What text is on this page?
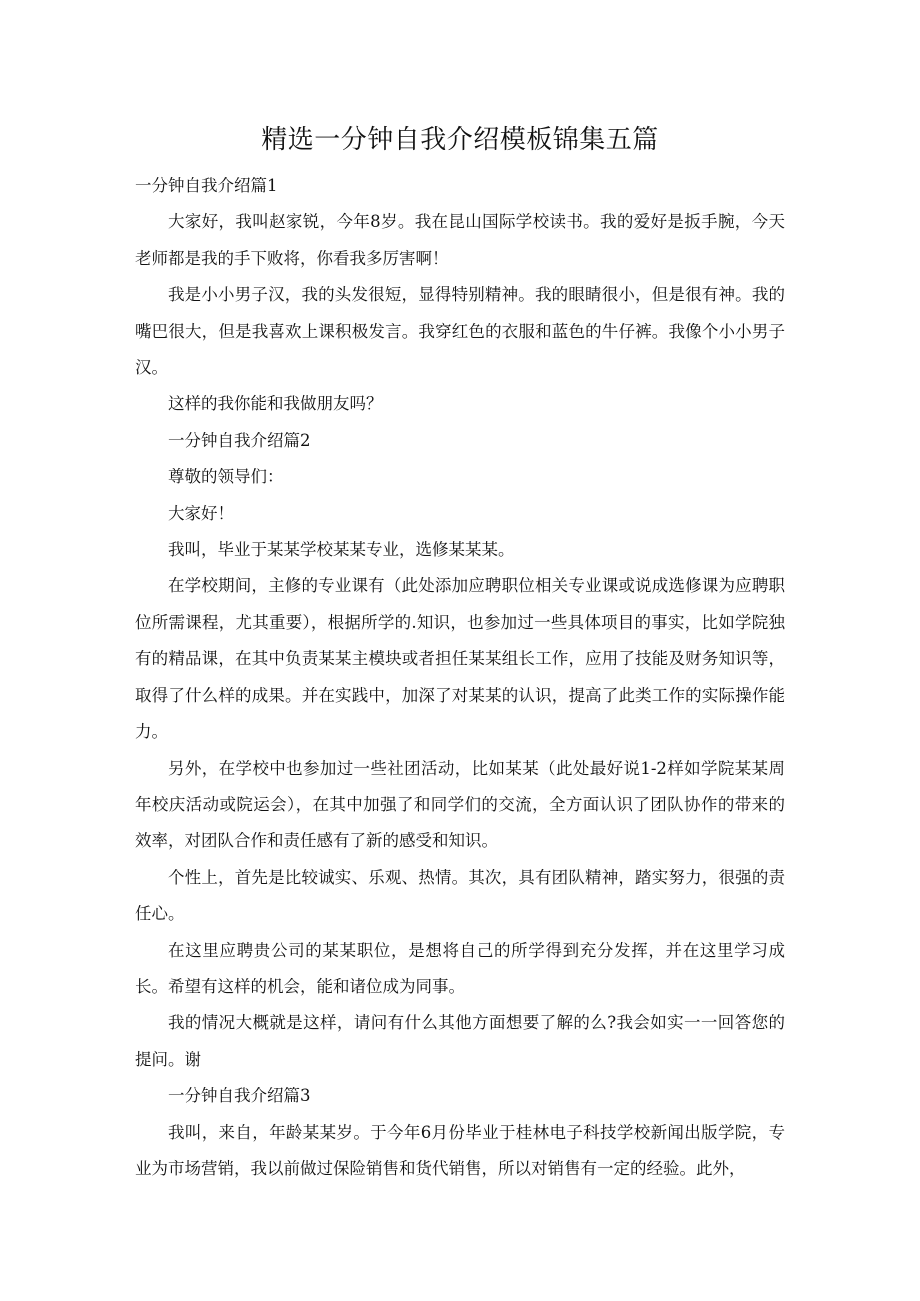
精选一分钟自我介绍模板锦集五篇

一分钟自我介绍篇1

大家好，我叫赵家锐，今年8岁。我在昆山国际学校读书。我的爱好是扳手腕，今天老师都是我的手下败将，你看我多厉害啊！

我是小小男子汉，我的头发很短，显得特别精神。我的眼睛很小，但是很有神。我的嘴巴很大，但是我喜欢上课积极发言。我穿红色的衣服和蓝色的牛仔裤。我像个小小男子汉。

这样的我你能和我做朋友吗？

一分钟自我介绍篇2

尊敬的领导们：

大家好！

我叫，毕业于某某学校某某专业，选修某某某。

在学校期间，主修的专业课有（此处添加应聘职位相关专业课或说成选修课为应聘职位所需课程，尤其重要），根据所学的.知识，也参加过一些具体项目的事实，比如学院独有的精品课，在其中负责某某主模块或者担任某某组长工作，应用了技能及财务知识等，取得了什么样的成果。并在实践中，加深了对某某的认识，提高了此类工作的实际操作能力。

另外，在学校中也参加过一些社团活动，比如某某（此处最好说1-2样如学院某某周年校庆活动或院运会），在其中加强了和同学们的交流，全方面认识了团队协作的带来的效率，对团队合作和责任感有了新的感受和知识。

个性上，首先是比较诚实、乐观、热情。其次，具有团队精神，踏实努力，很强的责任心。

在这里应聘贵公司的某某职位，是想将自己的所学得到充分发挥，并在这里学习成长。希望有这样的机会，能和诸位成为同事。

我的情况大概就是这样，请问有什么其他方面想要了解的么?我会如实一一回答您的提问。谢

一分钟自我介绍篇3

我叫，来自，年龄某某岁。于今年6月份毕业于桂林电子科技学校新闻出版学院，专业为市场营销，我以前做过保险销售和货代销售，所以对销售有一定的经验。此外，
